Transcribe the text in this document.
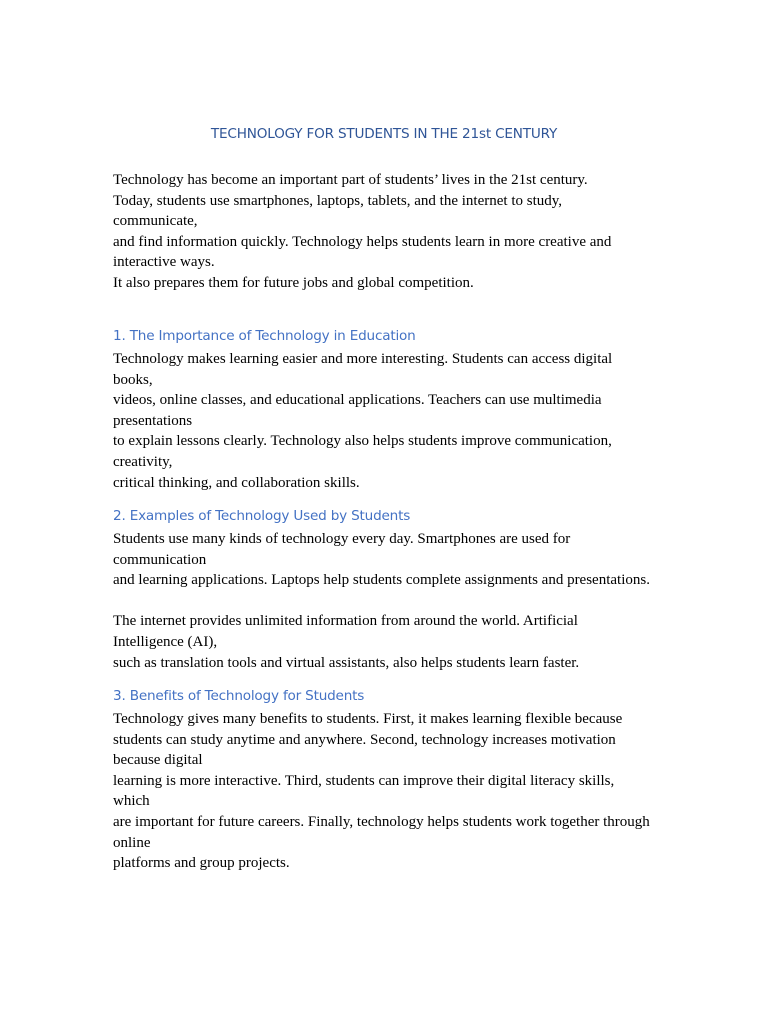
TECHNOLOGY FOR STUDENTS IN THE 21st CENTURY
Technology has become an important part of students’ lives in the 21st century.
Today, students use smartphones, laptops, tablets, and the internet to study,
communicate,
and find information quickly. Technology helps students learn in more creative and
interactive ways.
It also prepares them for future jobs and global competition.
1. The Importance of Technology in Education
Technology makes learning easier and more interesting. Students can access digital
books,
videos, online classes, and educational applications. Teachers can use multimedia
presentations
to explain lessons clearly. Technology also helps students improve communication,
creativity,
critical thinking, and collaboration skills.
2. Examples of Technology Used by Students
Students use many kinds of technology every day. Smartphones are used for
communication
and learning applications. Laptops help students complete assignments and presentations.
The internet provides unlimited information from around the world. Artificial
Intelligence (AI),
such as translation tools and virtual assistants, also helps students learn faster.
3. Benefits of Technology for Students
Technology gives many benefits to students. First, it makes learning flexible because
students can study anytime and anywhere. Second, technology increases motivation
because digital
learning is more interactive. Third, students can improve their digital literacy skills,
which
are important for future careers. Finally, technology helps students work together through
online
platforms and group projects.
